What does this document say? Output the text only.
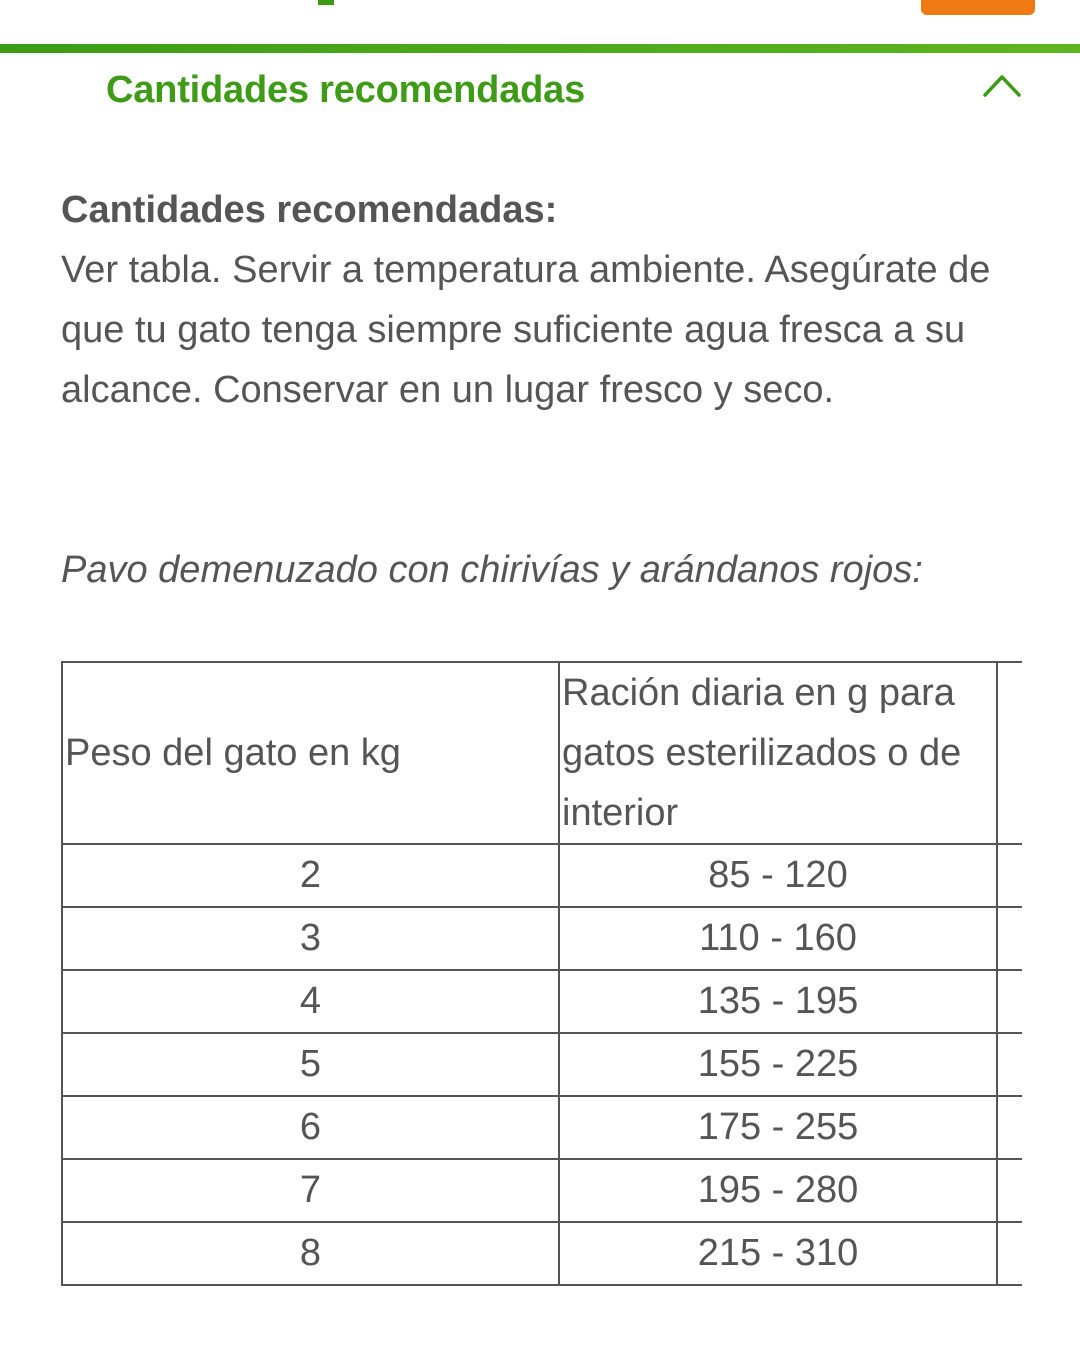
Cantidades recomendadas

Cantidades recomendadas:

Ver tabla. Servir a temperatura ambiente. Asegúrate de que tu gato tenga siempre suficiente agua fresca a su alcance. Conservar en un lugar fresco y seco.

Pavo demenuzado con chirivías y arándanos rojos:
Peso del gato en kg	Ración diaria en g para gatos esterilizados o de interior	
2	85 - 120	
3	110 - 160	
4	135 - 195	
5	155 - 225	
6	175 - 255	
7	195 - 280	
8	215 - 310	
